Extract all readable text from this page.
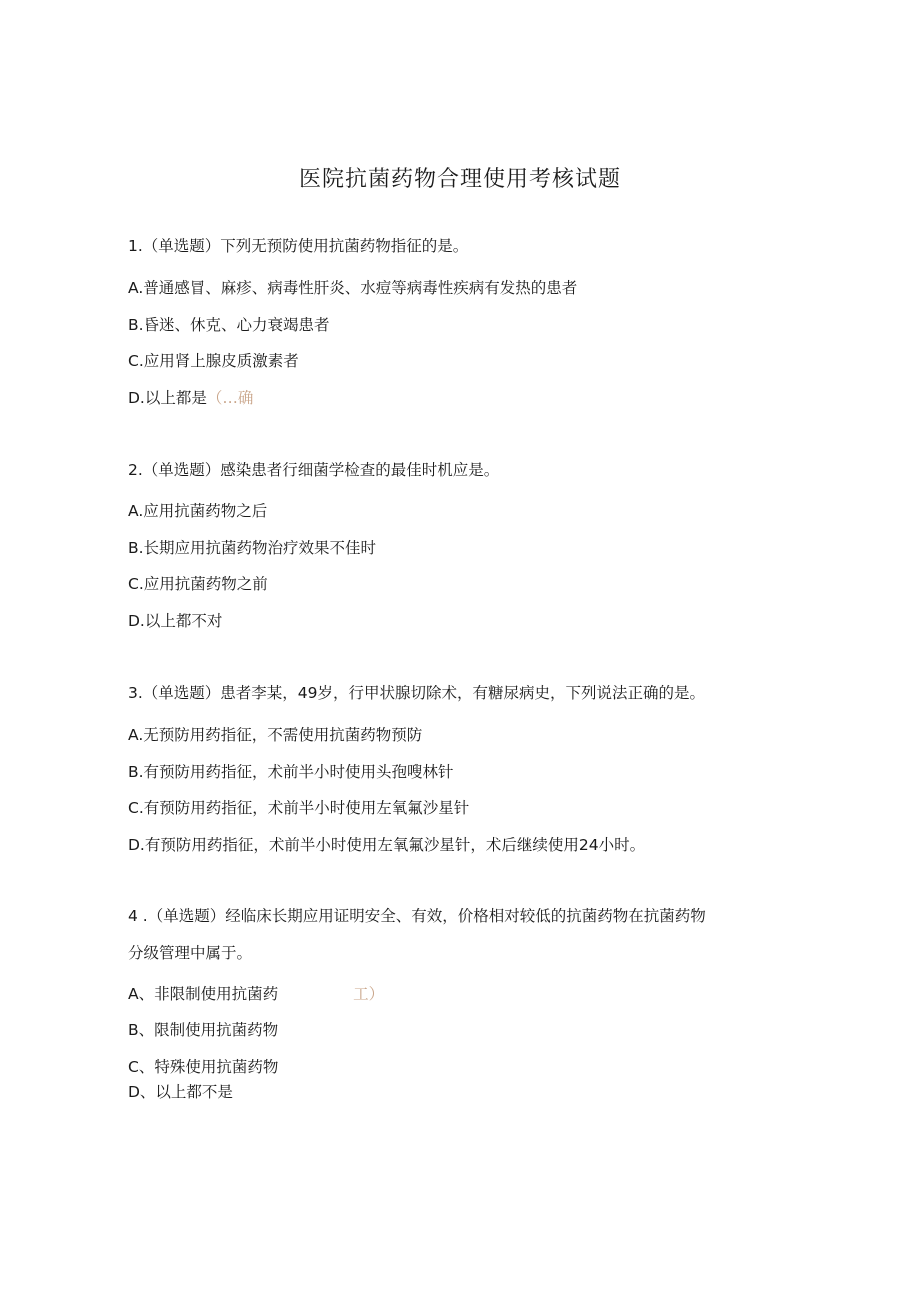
医院抗菌药物合理使用考核试题
1.（单选题）下列无预防使用抗菌药物指征的是。
A.普通感冒、麻疹、病毒性肝炎、水痘等病毒性疾病有发热的患者
B.昏迷、休克、心力衰竭患者
C.应用肾上腺皮质激素者
D.以上都是（…确
2.（单选题）感染患者行细菌学检查的最佳时机应是。
A.应用抗菌药物之后
B.长期应用抗菌药物治疗效果不佳时
C.应用抗菌药物之前
D.以上都不对
3.（单选题）患者李某，49岁，行甲状腺切除术，有糖尿病史，下列说法正确的是。
A.无预防用药指征，不需使用抗菌药物预防
B.有预防用药指征，术前半小时使用头孢嗖林针
C.有预防用药指征，术前半小时使用左氧氟沙星针
D.有预防用药指征，术前半小时使用左氧氟沙星针，术后继续使用24小时。
4 .（单选题）经临床长期应用证明安全、有效，价格相对较低的抗菌药物在抗菌药物
分级管理中属于。
A、非限制使用抗菌药	工）
B、限制使用抗菌药物
C、特殊使用抗菌药物
D、以上都不是
